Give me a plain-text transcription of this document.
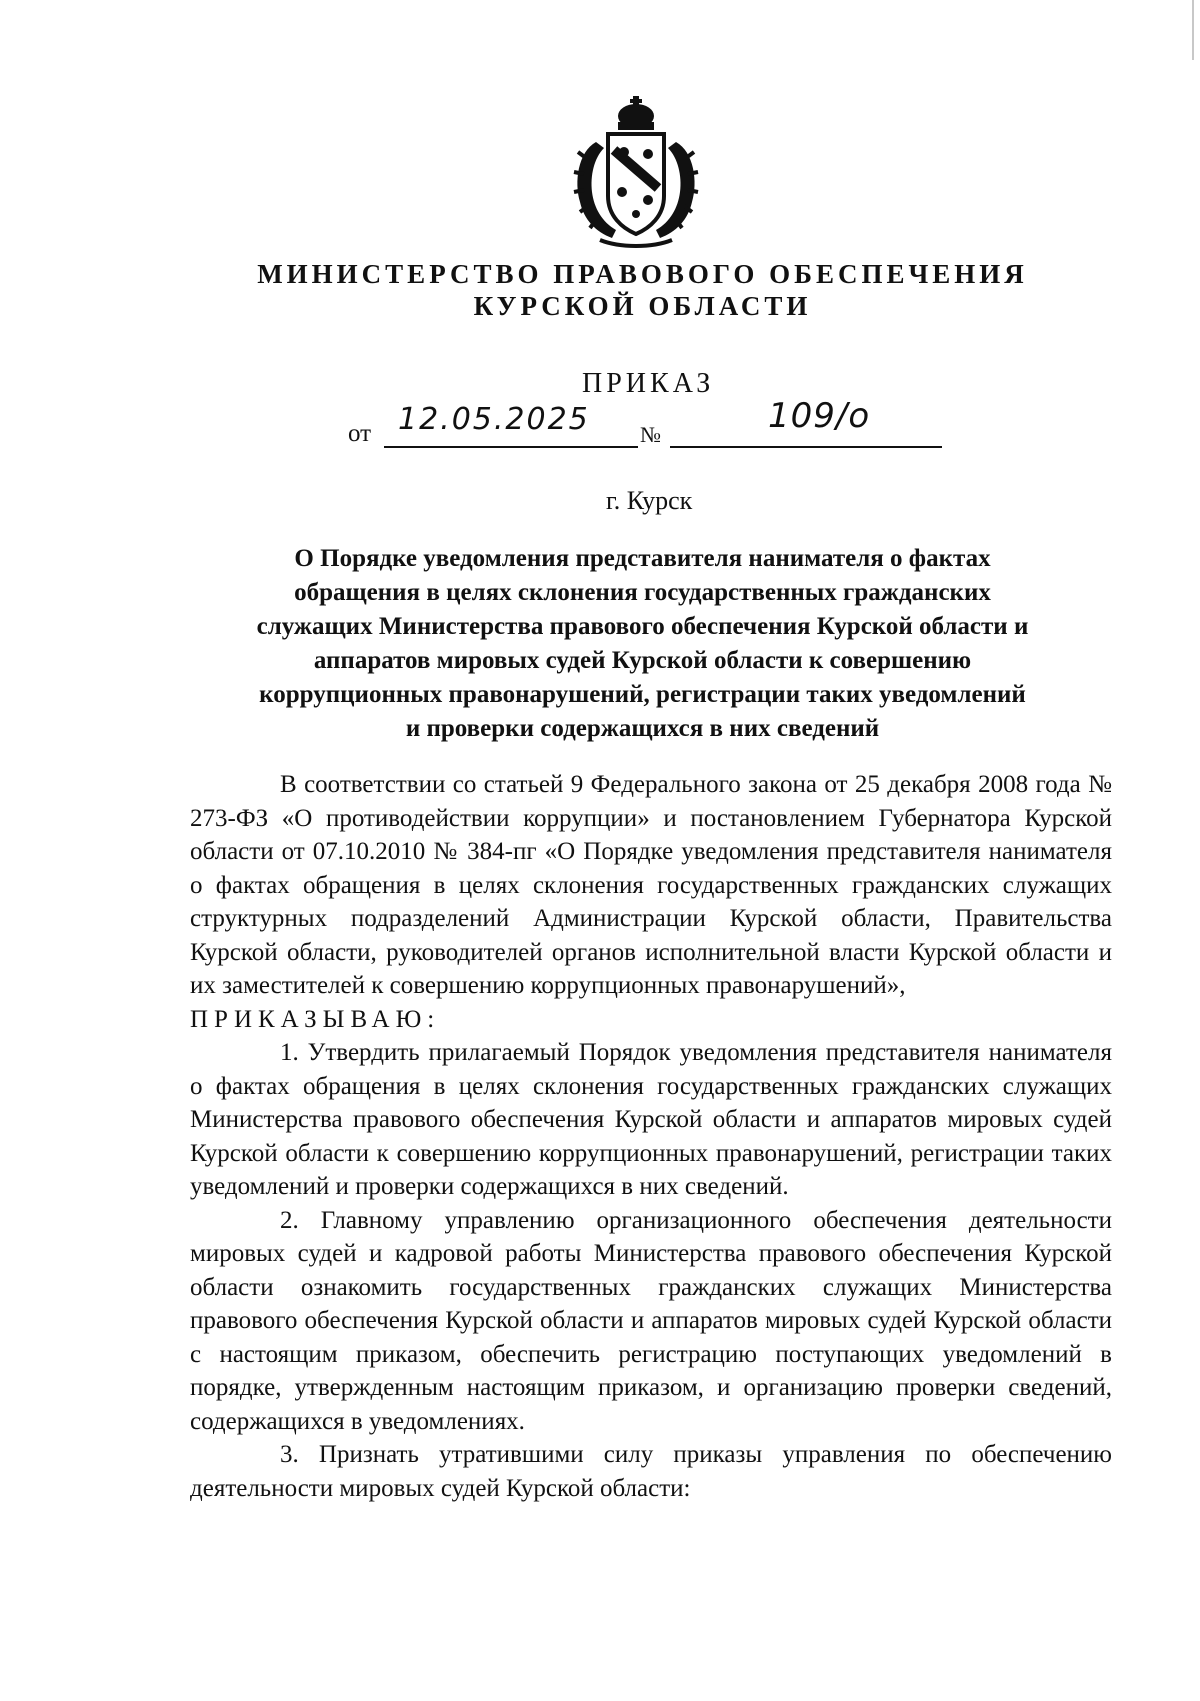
МИНИСТЕРСТВО ПРАВОВОГО ОБЕСПЕЧЕНИЯ
КУРСКОЙ ОБЛАСТИ
ПРИКАЗ
от 12.05.2025 №	109/о
г. Курск
О Порядке уведомления представителя нанимателя о фактах
обращения в целях склонения государственных гражданских
служащих Министерства правового обеспечения Курской области и
аппаратов мировых судей Курской области к совершению
коррупционных правонарушений, регистрации таких уведомлений
и проверки содержащихся в них сведений

В соответствии со статьей 9 Федерального закона от 25 декабря 2008 года № 273-ФЗ «О противодействии коррупции» и постановлением Губернатора Курской области от 07.10.2010 № 384-пг «О Порядке уведомления представителя нанимателя о фактах обращения в целях склонения государственных гражданских служащих структурных подразделений Администрации Курской области, Правительства Курской области, руководителей органов исполнительной власти Курской области и их заместителей к совершению коррупционных правонарушений»,

ПРИКАЗЫВАЮ:

1. Утвердить прилагаемый Порядок уведомления представителя нанимателя о фактах обращения в целях склонения государственных гражданских служащих Министерства правового обеспечения Курской области и аппаратов мировых судей Курской области к совершению коррупционных правонарушений, регистрации таких уведомлений и проверки содержащихся в них сведений.

2. Главному управлению организационного обеспечения деятельности мировых судей и кадровой работы Министерства правового обеспечения Курской области ознакомить государственных гражданских служащих Министерства правового обеспечения Курской области и аппаратов мировых судей Курской области с настоящим приказом, обеспечить регистрацию поступающих уведомлений в порядке, утвержденным настоящим приказом, и организацию проверки сведений, содержащихся в уведомлениях.

3. Признать утратившими силу приказы управления по обеспечению деятельности мировых судей Курской области:
